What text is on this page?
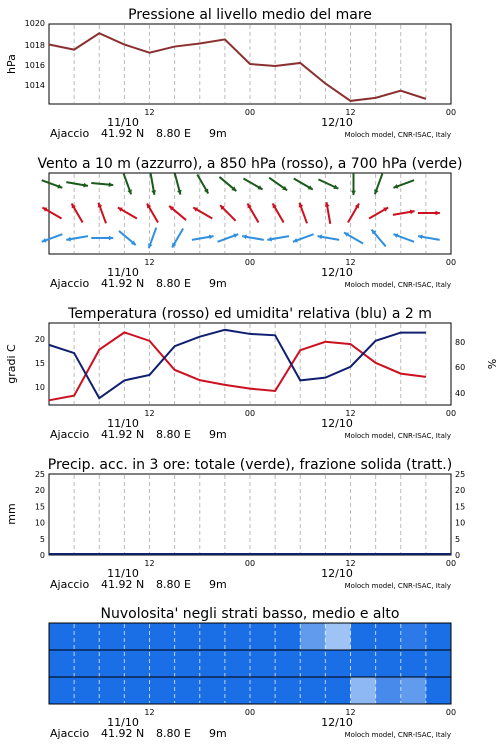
Pressione al livello medio del mare
1020
1018
1016
1014
hPa
Vento a 10 m (azzurro), a 850 hPa (rosso), a 700 hPa (verde)
Temperatura (rosso) ed umidita' relativa (blu) a 2 m
20
15
10
80
60
40
gradi C	%
Precip. acc. in 3 ore: totale (verde), frazione solida (tratt.)
0	0
5	5
10	10
15	15
20	20
25	25
mm
Nuvolosita' negli strati basso, medio e alto
12	00	12	00
11/10	12/10
Ajaccio 41.92 N 8.80 E 9m	Moloch model, CNR-ISAC, Italy
12	00	12	00
11/10	12/10
Ajaccio 41.92 N 8.80 E 9m	Moloch model, CNR-ISAC, Italy
12	00	12	00
11/10	12/10
Ajaccio 41.92 N 8.80 E 9m	Moloch model, CNR-ISAC, Italy
12	00	12	00
11/10	12/10
Ajaccio 41.92 N 8.80 E 9m	Moloch model, CNR-ISAC, Italy
12	00	12	00
11/10	12/10
Ajaccio 41.92 N 8.80 E 9m	Moloch model, CNR-ISAC, Italy
